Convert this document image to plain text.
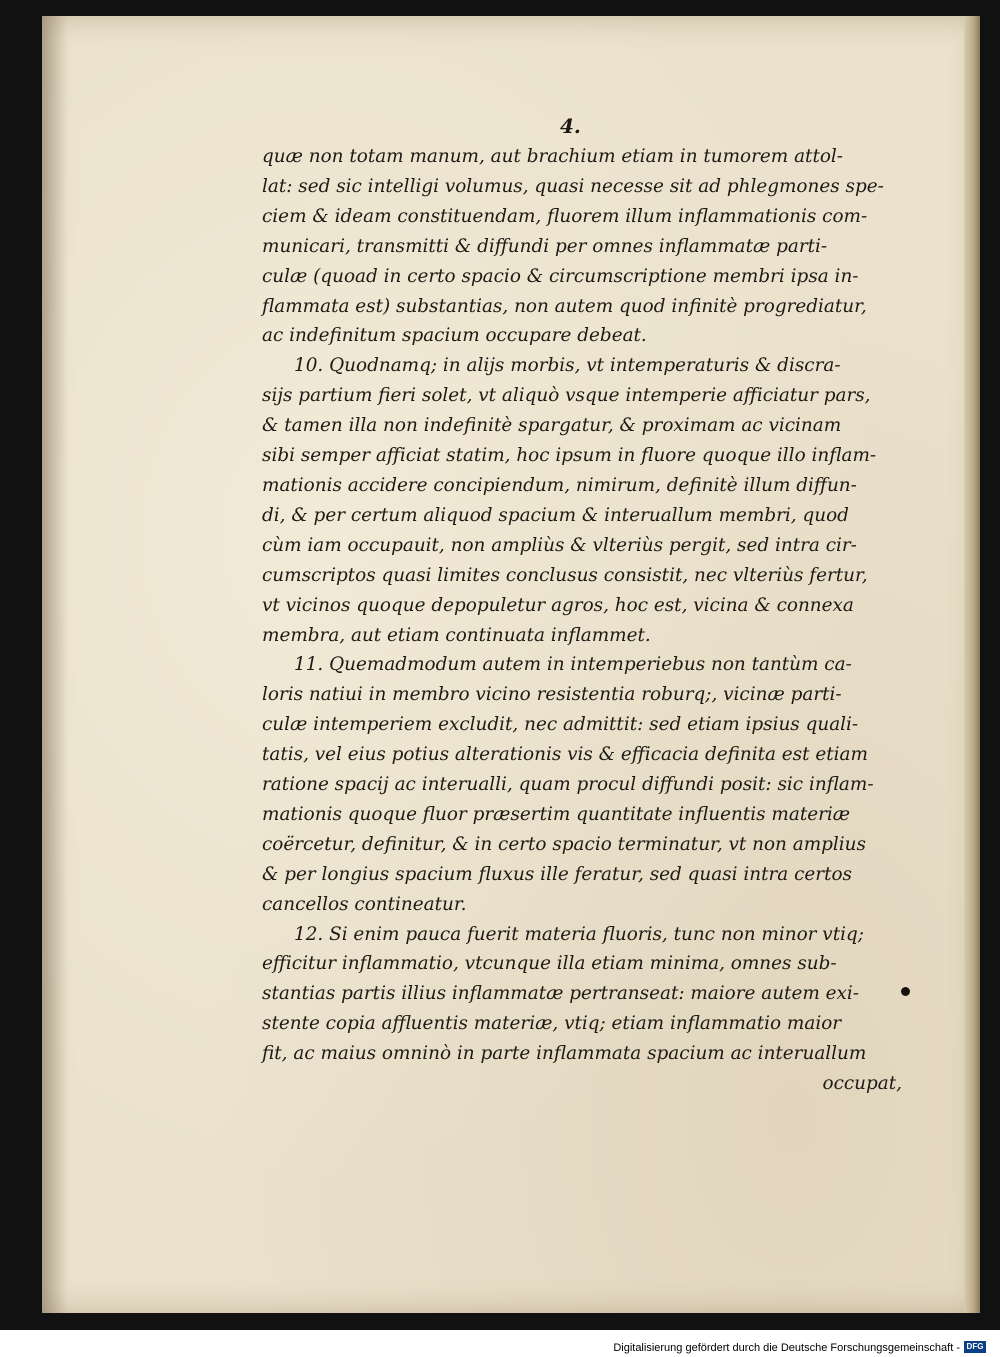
4.
quæ non totam manum, aut brachium etiam in tumorem attol-
lat: sed sic intelligi volumus, quasi necesse sit ad phlegmones spe-
ciem & ideam constituendam, fluorem illum inflammationis com-
municari, transmitti & diffundi per omnes inflammatæ parti-
culæ (quoad in certo spacio & circumscriptione membri ipsa in-
flammata est) substantias, non autem quod infinitè progrediatur,
ac indefinitum spacium occupare debeat.
10. Quodnamq; in alijs morbis, vt intemperaturis & discra-
sijs partium fieri solet, vt aliquò vsque intemperie afficiatur pars,
& tamen illa non indefinitè spargatur, & proximam ac vicinam
sibi semper afficiat statim, hoc ipsum in fluore quoque illo inflam-
mationis accidere concipiendum, nimirum, definitè illum diffun-
di, & per certum aliquod spacium & interuallum membri, quod
cùm iam occupauit, non ampliùs & vlteriùs pergit, sed intra cir-
cumscriptos quasi limites conclusus consistit, nec vlteriùs fertur,
vt vicinos quoque depopuletur agros, hoc est, vicina & connexa
membra, aut etiam continuata inflammet.
11. Quemadmodum autem in intemperiebus non tantùm ca-
loris natiui in membro vicino resistentia roburq;, vicinæ parti-
culæ intemperiem excludit, nec admittit: sed etiam ipsius quali-
tatis, vel eius potius alterationis vis & efficacia definita est etiam
ratione spacij ac interualli, quam procul diffundi posit: sic inflam-
mationis quoque fluor præsertim quantitate influentis materiæ
coërcetur, definitur, & in certo spacio terminatur, vt non amplius
& per longius spacium fluxus ille feratur, sed quasi intra certos
cancellos contineatur.
12. Si enim pauca fuerit materia fluoris, tunc non minor vtiq;
efficitur inflammatio, vtcunque illa etiam minima, omnes sub-
stantias partis illius inflammatæ pertranseat: maiore autem exi-
stente copia affluentis materiæ, vtiq; etiam inflammatio maior
fit, ac maius omninò in parte inflammata spacium ac interuallum
occupat,
Digitalisierung gefördert durch die Deutsche Forschungsgemeinschaft - DFG
